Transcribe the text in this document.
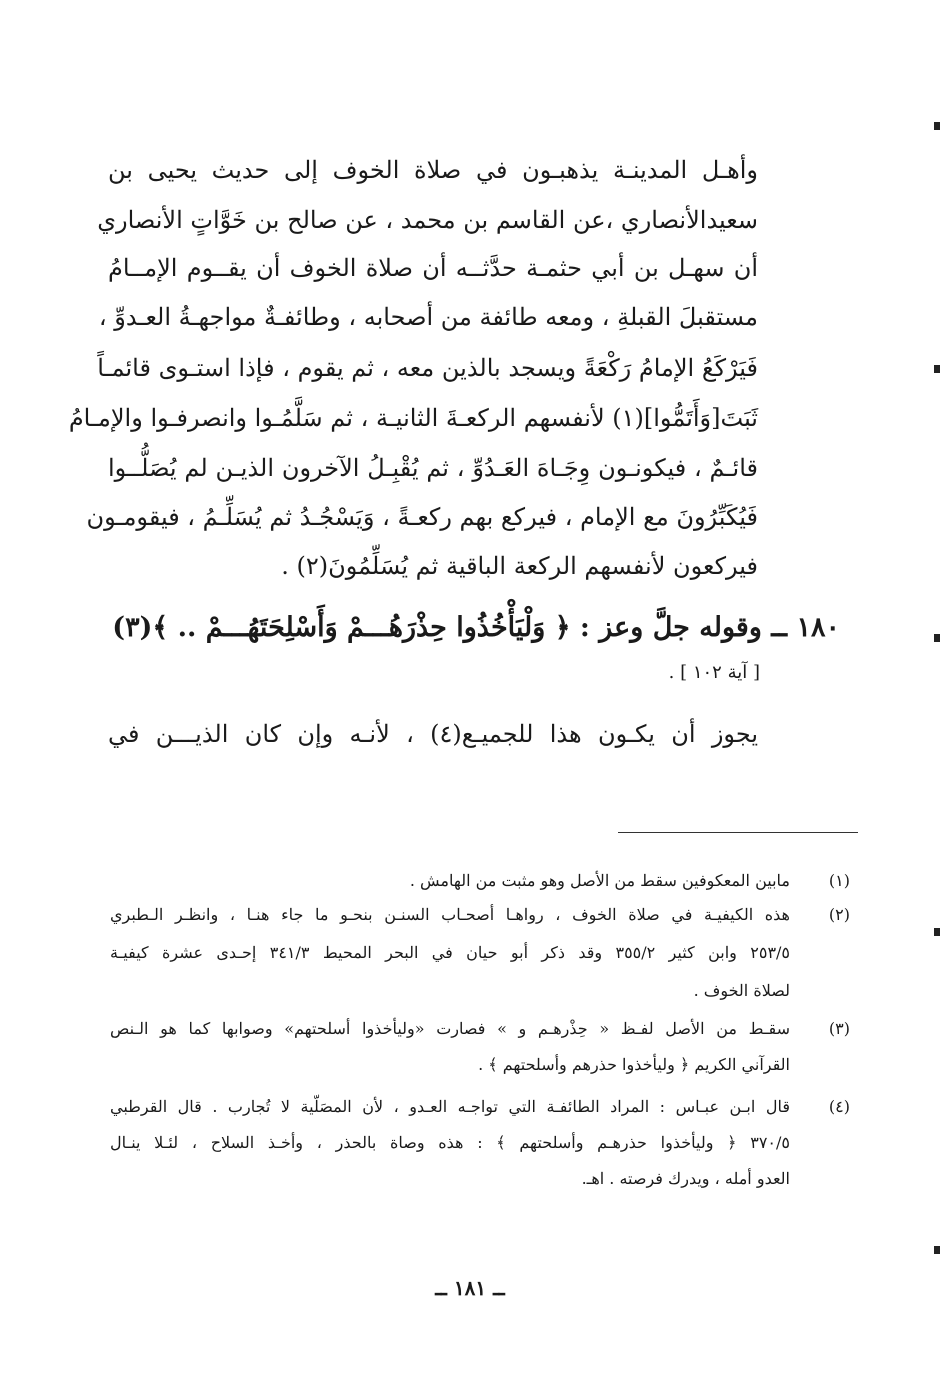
وأهـل المدينـة يذهبـون في صلاة الخوف إلى حديث يحيى بن
سعيدالأنصاري ،عن القاسم بن محمد ، عن صالح بن خَوَّاتٍ الأنصاري
أن سهـل بن أبي حثمـة حدَّثــه أن صلاة الخوف أن يقــوم الإمــامُ
مستقبلَ القبلةِ ، ومعه طائفة من أصحابه ، وطائفـةٌ مواجهـةُ العـدوِّ ،
فَيَرْكَعُ الإمامُ رَكْعَةً ويسجد بالذين معه ، ثم يقوم ، فإذا استـوى قائمـاً
ثَبَتَ[وَأَتَمُّوا](١) لأنفسهم الركعـةَ الثانيـة ، ثم سَلَّمُـوا وانصرفـوا والإمـامُ
قائـمٌ ، فيكونـون وِجَـاهَ العَـدُوِّ ، ثم يُقْبِـلُ الآخرون الذيـن لم يُصَلُّــوا
فَيُكَبِّرُونَ مع الإمام ، فيركع بهم ركعـةً ، وَيَسْجُـدُ ثم يُسَلِّـمُ ، فيقومـون
فيركعون لأنفسهم الركعة الباقية ثم يُسَلِّمُونَ(٢) .
١٨٠ ــ وقوله جلَّ وعز : ﴿ وَلْيَأْخُذُوا حِذْرَهُـــمْ وَأَسْلِحَتَهُـــمْ .. ﴾(٣)
[ آية ١٠٢ ] .
يجوز أن يكـون هذا للجميـع(٤) ، لأنـه وإن كان الذيـــن في
(١)
مابين المعكوفين سقط من الأصل وهو مثبت من الهامش .
(٢)
هذه الكيفيـة في صلاة الخوف ، رواهـا أصحـاب السنـن بنحـو ما جاء هنـا ، وانظـر الـطبري
٢٥٣/٥ وابن كثير ٣٥٥/٢ وقد ذكر أبو حيان في البحر المحيط ٣٤١/٣ إحـدى عشرة كيفيـة
لصلاة الخوف .
(٣)
سقـط من الأصل لفـظ « حِذْرهـم و » فصارت «وليأخذوا أسلحتهم» وصوابها كما هو الـنص
القرآني الكريم ﴿ وليأخذوا حذرهم وأسلحتهم ﴾ .
(٤)
قال ابـن عبـاس : المراد الطائفـة التي تواجـه العـدو ، لأن المصَلّية لا تُجارب . قال القرطبي
٣٧٠/٥ ﴿ وليأخذوا حذرهـم وأسلحتهم ﴾ : هذه وصاة بالحذر ، وأخـذ السلاح ، لئـلا ينـال
العدو أمله ، ويدرك فرصته . اهـ.
ــ ١٨١ ــ
